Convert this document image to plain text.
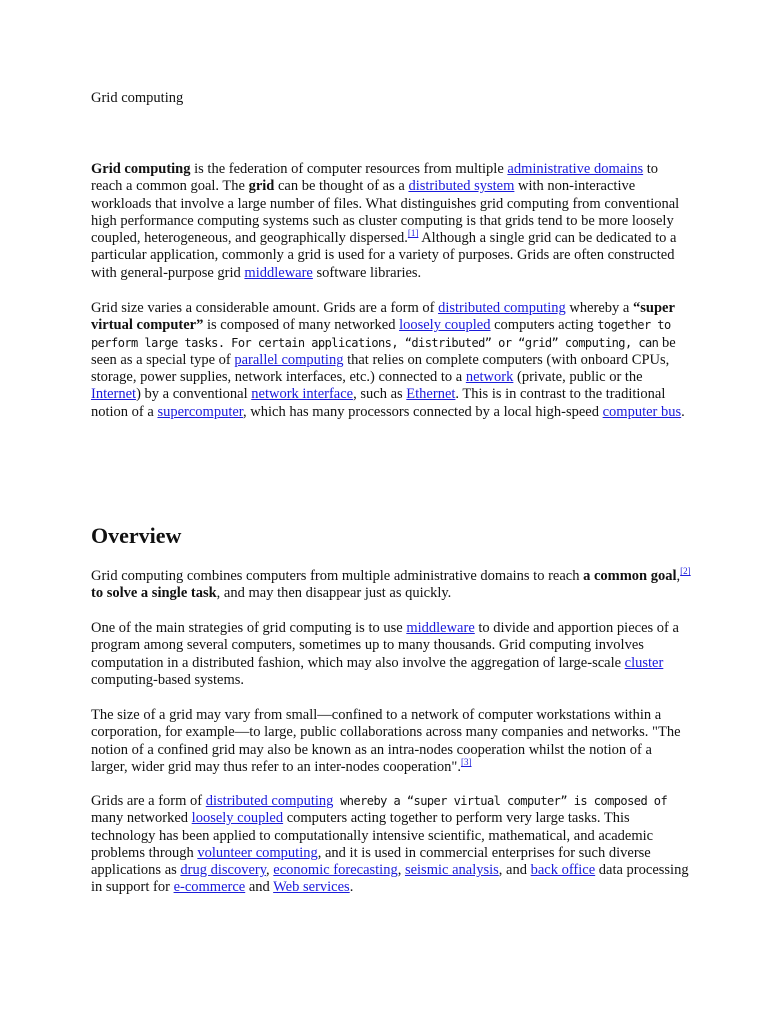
Grid computing

Grid computing is the federation of computer resources from multiple administrative domains to reach a common goal. The grid can be thought of as a distributed system with non-interactive workloads that involve a large number of files. What distinguishes grid computing from conventional high performance computing systems such as cluster computing is that grids tend to be more loosely coupled, heterogeneous, and geographically dispersed.[1] Although a single grid can be dedicated to a particular application, commonly a grid is used for a variety of purposes. Grids are often constructed with general-purpose grid middleware software libraries.

Grid size varies a considerable amount. Grids are a form of distributed computing whereby a “super virtual computer” is composed of many networked loosely coupled computers acting together to perform large tasks. For certain applications, “distributed” or “grid” computing, can be seen as a special type of parallel computing that relies on complete computers (with onboard CPUs, storage, power supplies, network interfaces, etc.) connected to a network (private, public or the Internet) by a conventional network interface, such as Ethernet. This is in contrast to the traditional notion of a supercomputer, which has many processors connected by a local high-speed computer bus.

Overview

Grid computing combines computers from multiple administrative domains to reach a common goal,[2] to solve a single task, and may then disappear just as quickly.

One of the main strategies of grid computing is to use middleware to divide and apportion pieces of a program among several computers, sometimes up to many thousands. Grid computing involves computation in a distributed fashion, which may also involve the aggregation of large-scale cluster computing-based systems.

The size of a grid may vary from small—confined to a network of computer workstations within a corporation, for example—to large, public collaborations across many companies and networks. "The notion of a confined grid may also be known as an intra-nodes cooperation whilst the notion of a larger, wider grid may thus refer to an inter-nodes cooperation".[3]

Grids are a form of distributed computing whereby a “super virtual computer” is composed of many networked loosely coupled computers acting together to perform very large tasks. This technology has been applied to computationally intensive scientific, mathematical, and academic problems through volunteer computing, and it is used in commercial enterprises for such diverse applications as drug discovery, economic forecasting, seismic analysis, and back office data processing in support for e-commerce and Web services.
